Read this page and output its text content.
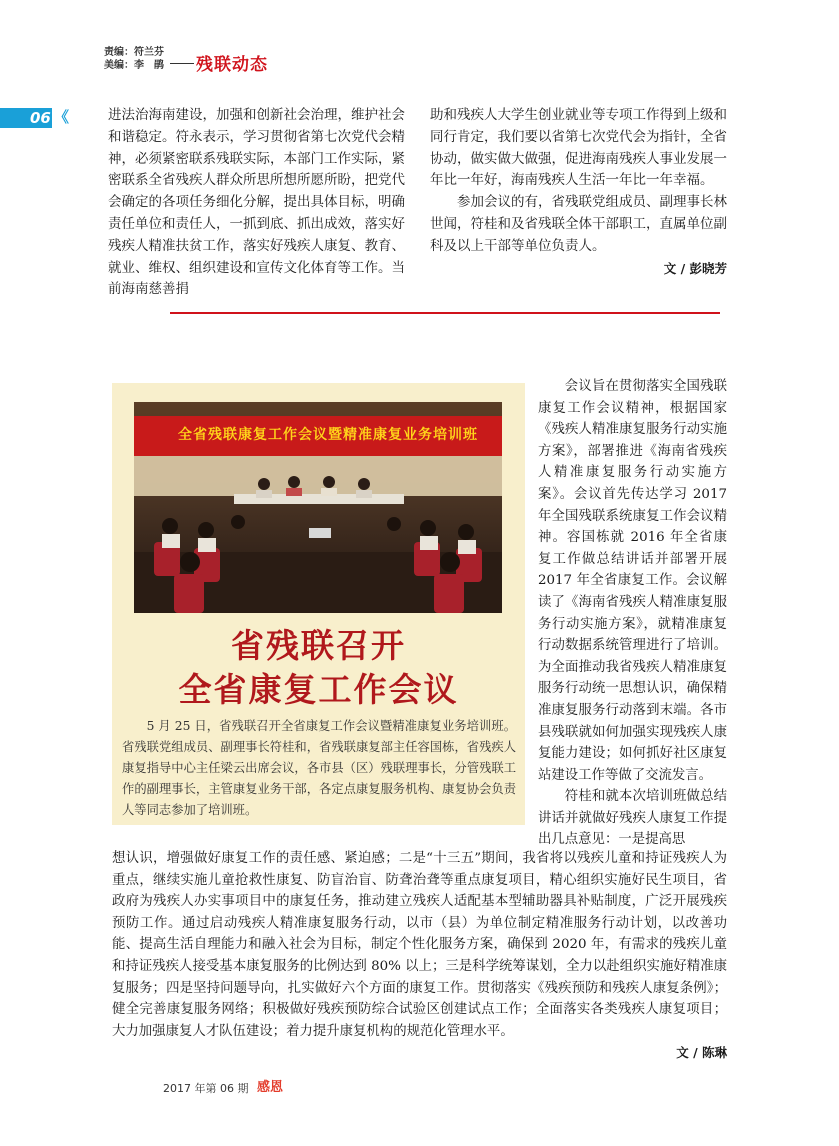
责编：符兰芬
美编：李　鹃 残联动态
06 《	进法治海南建设，加强和创新社会治理，维护社会和谐稳定。符永表示，学习贯彻省第七次党代会精神，必须紧密联系残联实际，本部门工作实际，紧密联系全省残疾人群众所思所想所愿所盼，把党代会确定的各项任务细化分解，提出具体目标，明确责任单位和责任人，一抓到底、抓出成效，落实好残疾人精准扶贫工作，落实好残疾人康复、教育、就业、维权、组织建设和宣传文化体育等工作。当前海南慈善捐

助和残疾人大学生创业就业等专项工作得到上级和同行肯定，我们要以省第七次党代会为指针，全省协动，做实做大做强，促进海南残疾人事业发展一年比一年好，海南残疾人生活一年比一年幸福。

参加会议的有，省残联党组成员、副理事长林世闻，符桂和及省残联全体干部职工，直属单位副科及以上干部等单位负责人。

文 / 彭晓芳
全省残联康复工作会议暨精准康复业务培训班
省残联召开
全省康复工作会议

5 月 25 日，省残联召开全省康复工作会议暨精准康复业务培训班。省残联党组成员、副理事长符桂和，省残联康复部主任容国栋，省残疾人康复指导中心主任梁云出席会议，各市县（区）残联理事长，分管残联工作的副理事长，主管康复业务干部，各定点康复服务机构、康复协会负责人等同志参加了培训班。

会议旨在贯彻落实全国残联康复工作会议精神，根据国家《残疾人精准康复服务行动实施方案》，部署推进《海南省残疾人精准康复服务行动实施方案》。会议首先传达学习 2017 年全国残联系统康复工作会议精神。容国栋就 2016 年全省康复工作做总结讲话并部署开展 2017 年全省康复工作。会议解读了《海南省残疾人精准康复服务行动实施方案》，就精准康复行动数据系统管理进行了培训。为全面推动我省残疾人精准康复服务行动统一思想认识，确保精准康复服务行动落到末端。各市县残联就如何加强实现残疾人康复能力建设；如何抓好社区康复站建设工作等做了交流发言。

符桂和就本次培训班做总结讲话并就做好残疾人康复工作提出几点意见：一是提高思

想认识，增强做好康复工作的责任感、紧迫感；二是“十三五”期间，我省将以残疾儿童和持证残疾人为重点，继续实施儿童抢救性康复、防盲治盲、防聋治聋等重点康复项目，精心组织实施好民生项目，省政府为残疾人办实事项目中的康复任务，推动建立残疾人适配基本型辅助器具补贴制度，广泛开展残疾预防工作。通过启动残疾人精准康复服务行动，以市（县）为单位制定精准服务行动计划，以改善功能、提高生活自理能力和融入社会为目标，制定个性化服务方案，确保到 2020 年，有需求的残疾儿童和持证残疾人接受基本康复服务的比例达到 80% 以上；三是科学统筹谋划，全力以赴组织实施好精准康复服务；四是坚持问题导向，扎实做好六个方面的康复工作。贯彻落实《残疾预防和残疾人康复条例》；健全完善康复服务网络；积极做好残疾预防综合试验区创建试点工作；全面落实各类残疾人康复项目；大力加强康复人才队伍建设；着力提升康复机构的规范化管理水平。

文 / 陈琳
2017 年第 06 期 感恩
